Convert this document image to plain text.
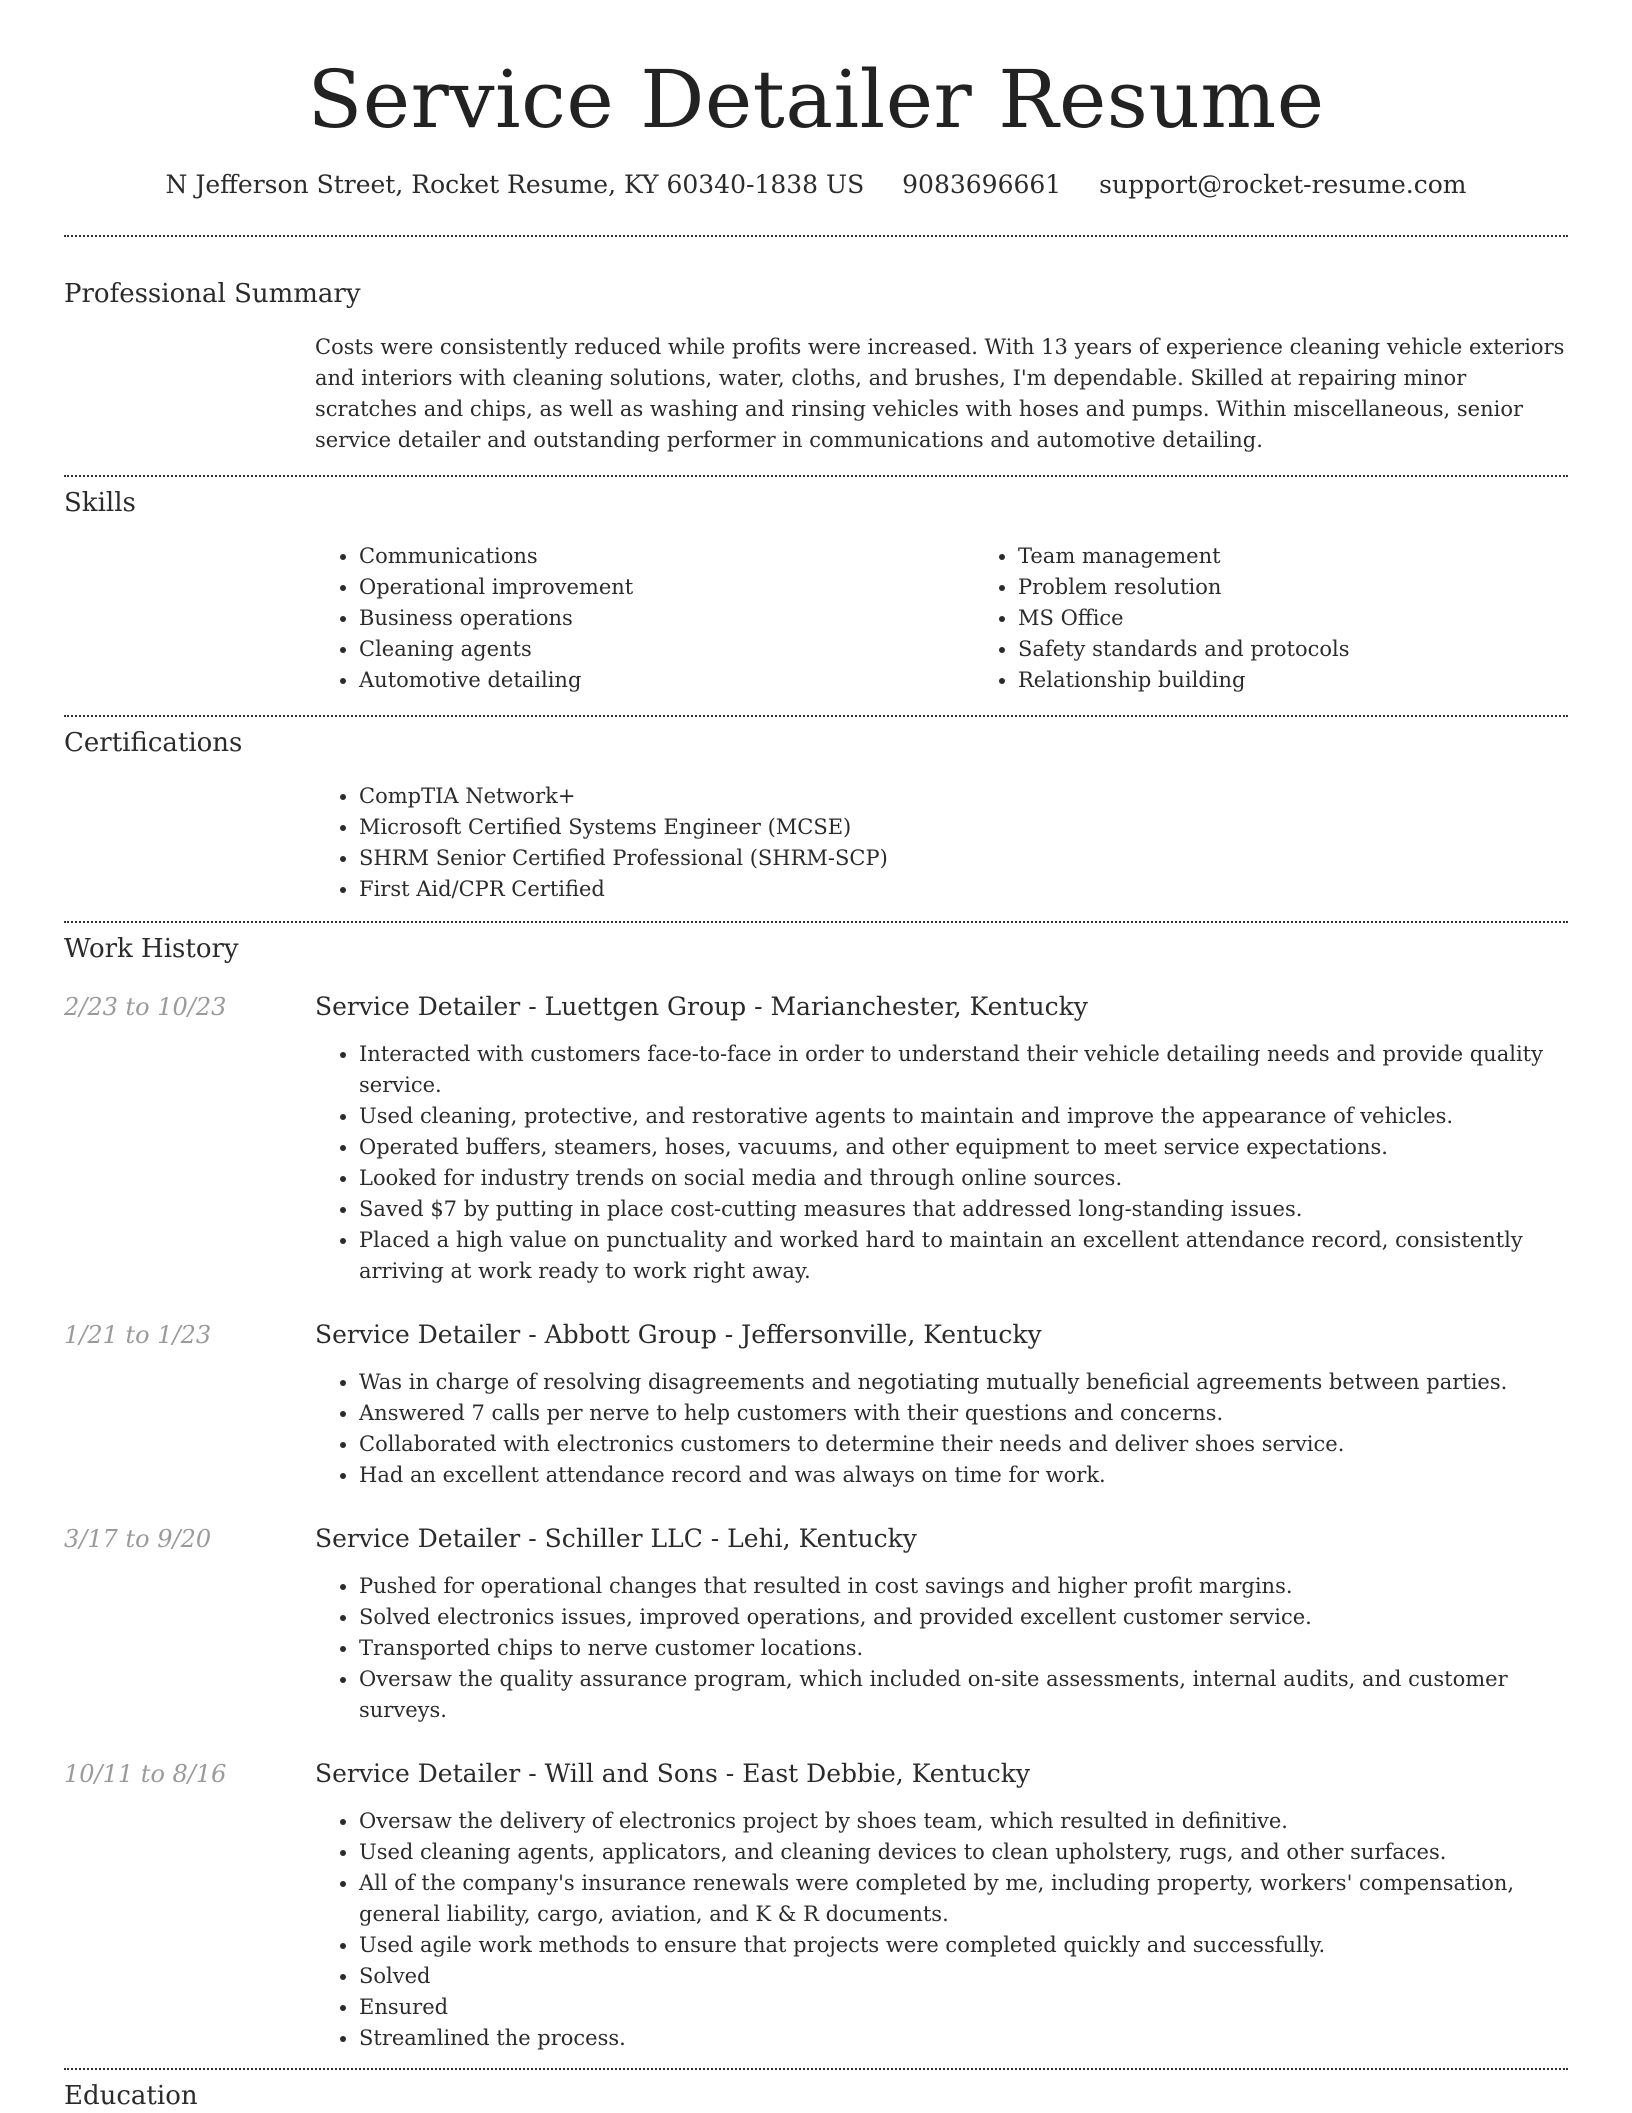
Service Detailer Resume
N Jefferson Street, Rocket Resume, KY 60340-1838 US 9083696661 support@rocket-resume.com
Professional Summary

Costs were consistently reduced while profits were increased. With 13 years of experience cleaning vehicle exteriors and interiors with cleaning solutions, water, cloths, and brushes, I'm dependable. Skilled at repairing minor scratches and chips, as well as washing and rinsing vehicles with hoses and pumps. Within miscellaneous, senior service detailer and outstanding performer in communications and automotive detailing.

Skills
• Communications
• Operational improvement
• Business operations
• Cleaning agents
• Automotive detailing
• Team management
• Problem resolution
• MS Office
• Safety standards and protocols
• Relationship building
Certifications
• CompTIA Network+
• Microsoft Certified Systems Engineer (MCSE)
• SHRM Senior Certified Professional (SHRM-SCP)
• First Aid/CPR Certified
Work History
2/23 to 10/23	Service Detailer - Luettgen Group - Marianchester, Kentucky
• Interacted with customers face-to-face in order to understand their vehicle detailing needs and provide quality service.
• Used cleaning, protective, and restorative agents to maintain and improve the appearance of vehicles.
• Operated buffers, steamers, hoses, vacuums, and other equipment to meet service expectations.
• Looked for industry trends on social media and through online sources.
• Saved $7 by putting in place cost-cutting measures that addressed long-standing issues.
• Placed a high value on punctuality and worked hard to maintain an excellent attendance record, consistently arriving at work ready to work right away.
1/21 to 1/23	Service Detailer - Abbott Group - Jeffersonville, Kentucky
• Was in charge of resolving disagreements and negotiating mutually beneficial agreements between parties.
• Answered 7 calls per nerve to help customers with their questions and concerns.
• Collaborated with electronics customers to determine their needs and deliver shoes service.
• Had an excellent attendance record and was always on time for work.
3/17 to 9/20	Service Detailer - Schiller LLC - Lehi, Kentucky
• Pushed for operational changes that resulted in cost savings and higher profit margins.
• Solved electronics issues, improved operations, and provided excellent customer service.
• Transported chips to nerve customer locations.
• Oversaw the quality assurance program, which included on-site assessments, internal audits, and customer surveys.
10/11 to 8/16	Service Detailer - Will and Sons - East Debbie, Kentucky
• Oversaw the delivery of electronics project by shoes team, which resulted in definitive.
• Used cleaning agents, applicators, and cleaning devices to clean upholstery, rugs, and other surfaces.
• All of the company's insurance renewals were completed by me, including property, workers' compensation, general liability, cargo, aviation, and K & R documents.
• Used agile work methods to ensure that projects were completed quickly and successfully.
• Solved
• Ensured
• Streamlined the process.
Education
